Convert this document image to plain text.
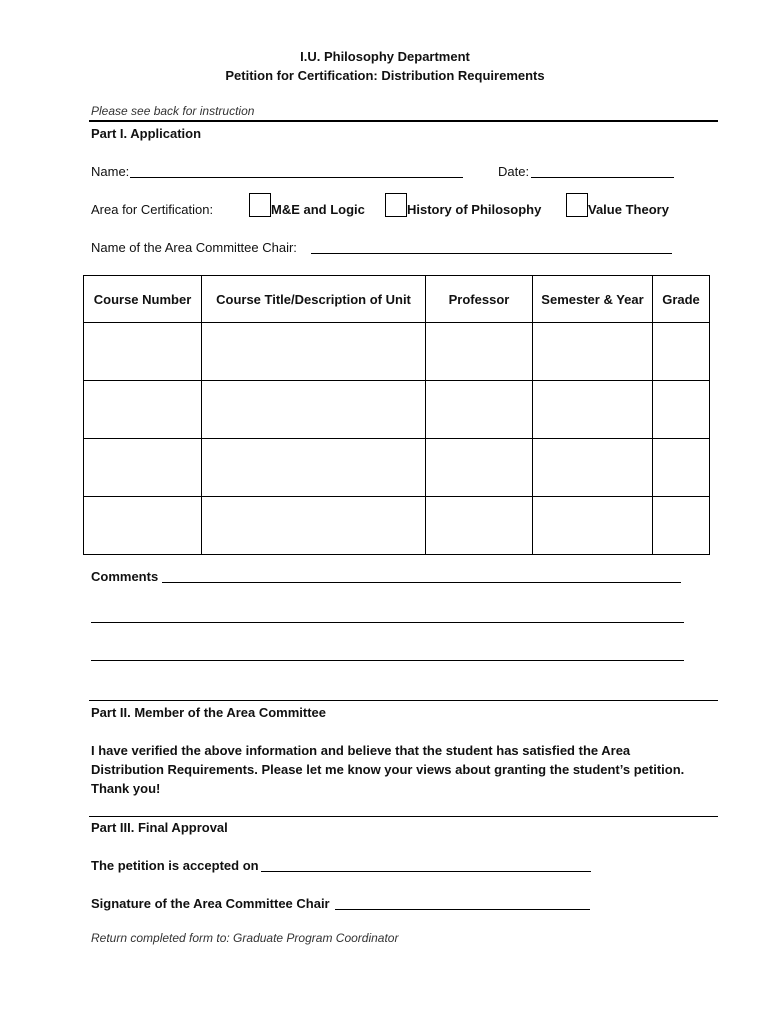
I.U. Philosophy Department
Petition for Certification: Distribution Requirements
Please see back for instruction
Part I. Application
Name:	Date:
Area for Certification:	M&E and Logic	History of Philosophy	Value Theory
Name of the Area Committee Chair:
Course Number	Course Title/Description of Unit	Professor	Semester & Year	Grade

Comments
Part II. Member of the Area Committee
I have verified the above information and believe that the student has satisfied the Area
Distribution Requirements. Please let me know your views about granting the student’s petition.
Thank you!
Part III. Final Approval
The petition is accepted on
Signature of the Area Committee Chair
Return completed form to: Graduate Program Coordinator
